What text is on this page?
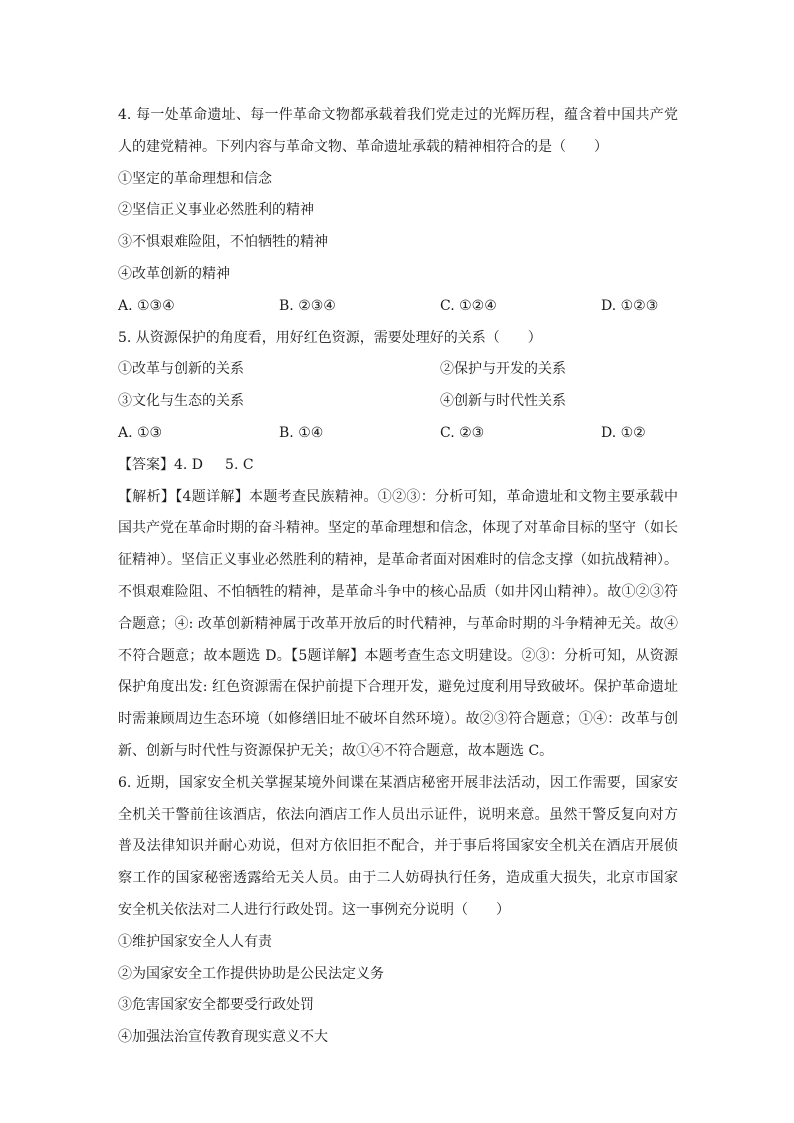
4. 每一处革命遗址、每一件革命文物都承载着我们党走过的光辉历程，蕴含着中国共产党
人的建党精神。下列内容与革命文物、革命遗址承载的精神相符合的是（　　）
①坚定的革命理想和信念
②坚信正义事业必然胜利的精神
③不惧艰难险阻，不怕牺牲的精神
④改革创新的精神
A. ①③④	B. ②③④	C. ①②④	D. ①②③
5. 从资源保护的角度看，用好红色资源，需要处理好的关系（　　）
①改革与创新的关系	②保护与开发的关系
③文化与生态的关系	④创新与时代性关系
A. ①③	B. ①④	C. ②③	D. ①②
【答案】4. D 5. C
【解析】【4题详解】本题考查民族精神。①②③：分析可知，革命遗址和文物主要承载中
国共产党在革命时期的奋斗精神。坚定的革命理想和信念，体现了对革命目标的坚守（如长
征精神）。坚信正义事业必然胜利的精神，是革命者面对困难时的信念支撑（如抗战精神）。
不惧艰难险阻、不怕牺牲的精神，是革命斗争中的核心品质（如井冈山精神）。故①②③符
合题意；④: 改革创新精神属于改革开放后的时代精神，与革命时期的斗争精神无关。故④
不符合题意；故本题选 D。【5题详解】本题考查生态文明建设。②③：分析可知，从资源
保护角度出发: 红色资源需在保护前提下合理开发，避免过度利用导致破坏。保护革命遗址
时需兼顾周边生态环境（如修缮旧址不破坏自然环境）。故②③符合题意；①④：改革与创
新、创新与时代性与资源保护无关；故①④不符合题意，故本题选 C。
6. 近期，国家安全机关掌握某境外间谍在某酒店秘密开展非法活动，因工作需要，国家安
全机关干警前往该酒店，依法向酒店工作人员出示证件，说明来意。虽然干警反复向对方
普及法律知识并耐心劝说，但对方依旧拒不配合，并于事后将国家安全机关在酒店开展侦
察工作的国家秘密透露给无关人员。由于二人妨碍执行任务，造成重大损失，北京市国家
安全机关依法对二人进行行政处罚。这一事例充分说明（　　）
①维护国家安全人人有责
②为国家安全工作提供协助是公民法定义务
③危害国家安全都要受行政处罚
④加强法治宣传教育现实意义不大
